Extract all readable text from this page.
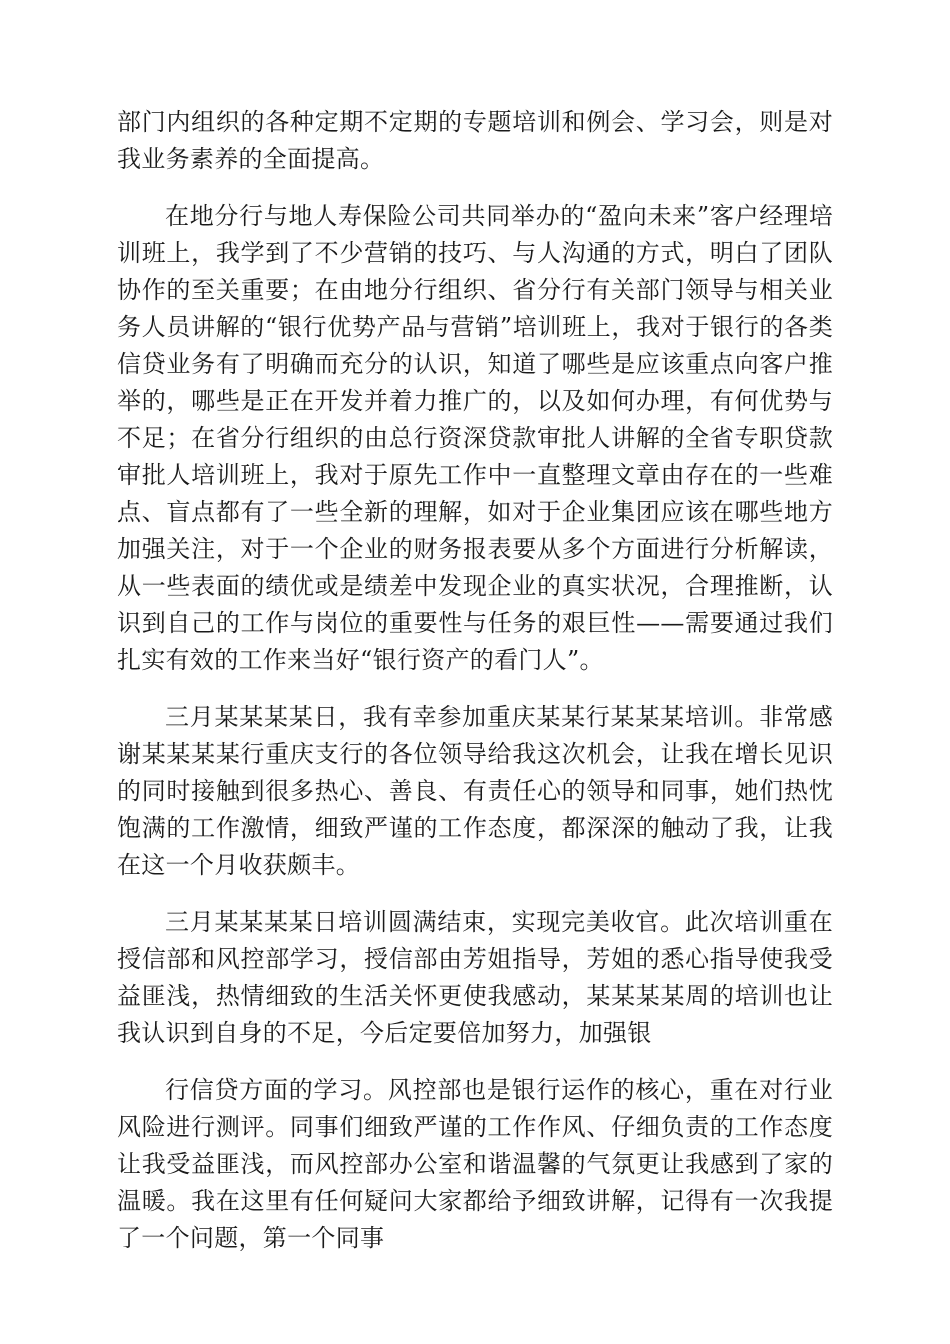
部门内组织的各种定期不定期的专题培训和例会、学习会，则是对我业务素养的全面提高。

在地分行与地人寿保险公司共同举办的“盈向未来”客户经理培训班上，我学到了不少营销的技巧、与人沟通的方式，明白了团队协作的至关重要；在由地分行组织、省分行有关部门领导与相关业务人员讲解的“银行优势产品与营销”培训班上，我对于银行的各类信贷业务有了明确而充分的认识，知道了哪些是应该重点向客户推举的，哪些是正在开发并着力推广的，以及如何办理，有何优势与不足；在省分行组织的由总行资深贷款审批人讲解的全省专职贷款审批人培训班上，我对于原先工作中一直整理文章由存在的一些难点、盲点都有了一些全新的理解，如对于企业集团应该在哪些地方加强关注，对于一个企业的财务报表要从多个方面进行分析解读，从一些表面的绩优或是绩差中发现企业的真实状况，合理推断，认识到自己的工作与岗位的重要性与任务的艰巨性——需要通过我们扎实有效的工作来当好“银行资产的看门人”。

三月某某某某日，我有幸参加重庆某某行某某某培训。非常感谢某某某某行重庆支行的各位领导给我这次机会，让我在增长见识的同时接触到很多热心、善良、有责任心的领导和同事，她们热忱饱满的工作激情，细致严谨的工作态度，都深深的触动了我，让我在这一个月收获颇丰。

三月某某某某日培训圆满结束，实现完美收官。此次培训重在授信部和风控部学习，授信部由芳姐指导，芳姐的悉心指导使我受益匪浅，热情细致的生活关怀更使我感动，某某某某周的培训也让我认识到自身的不足，今后定要倍加努力，加强银

行信贷方面的学习。风控部也是银行运作的核心，重在对行业风险进行测评。同事们细致严谨的工作作风、仔细负责的工作态度让我受益匪浅，而风控部办公室和谐温馨的气氛更让我感到了家的温暖。我在这里有任何疑问大家都给予细致讲解，记得有一次我提了一个问题，第一个同事
